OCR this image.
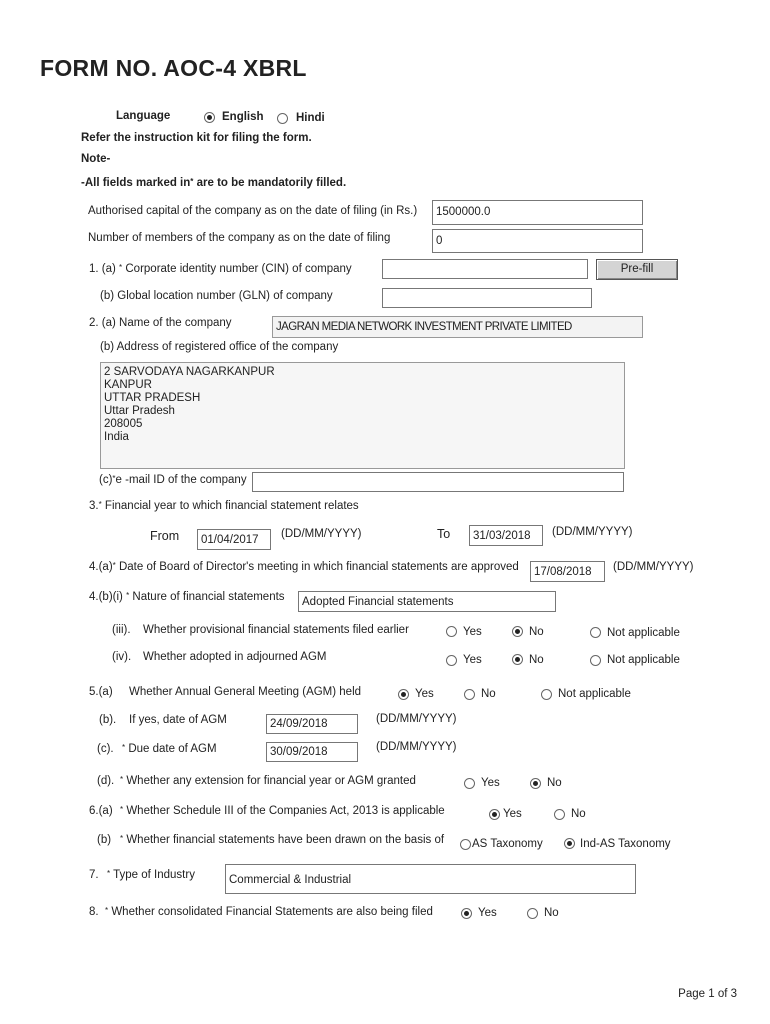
FORM NO. AOC-4 XBRL
Language	English	Hindi
Refer the instruction kit for filing the form.
Note-
-All fields marked in* are to be mandatorily filled.
Authorised capital of the company as on the date of filing (in Rs.)	1500000.0
Number of members of the company as on the date of filing	0
1. (a) * Corporate identity number (CIN) of company	Pre-fill
(b) Global location number (GLN) of company
2. (a) Name of the company	JAGRAN MEDIA NETWORK INVESTMENT PRIVATE LIMITED
(b) Address of registered office of the company
2 SARVODAYA NAGARKANPUR
KANPUR
UTTAR PRADESH
Uttar Pradesh
208005
India
(c)*e -mail ID of the company
3.* Financial year to which financial statement relates
From	01/04/2017	(DD/MM/YYYY)	To	31/03/2018	(DD/MM/YYYY)
4.(a)* Date of Board of Director's meeting in which financial statements are approved	17/08/2018	(DD/MM/YYYY)
4.(b)(i) * Nature of financial statements	Adopted Financial statements
(iii). Whether provisional financial statements filed earlier	Yes	No	Not applicable
(iv). Whether adopted in adjourned AGM	Yes	No	Not applicable
5.(a) Whether Annual General Meeting (AGM) held	Yes	No	Not applicable
(b). If yes, date of AGM	24/09/2018	(DD/MM/YYYY)
(c). * Due date of AGM	30/09/2018	(DD/MM/YYYY)
(d). * Whether any extension for financial year or AGM granted	Yes	No
6.(a) * Whether Schedule III of the Companies Act, 2013 is applicable	Yes	No
(b) * Whether financial statements have been drawn on the basis of AS Taxonomy	Ind-AS Taxonomy
7. * Type of Industry	Commercial & Industrial
8. * Whether consolidated Financial Statements are also being filed	Yes	No
Page 1 of 3
